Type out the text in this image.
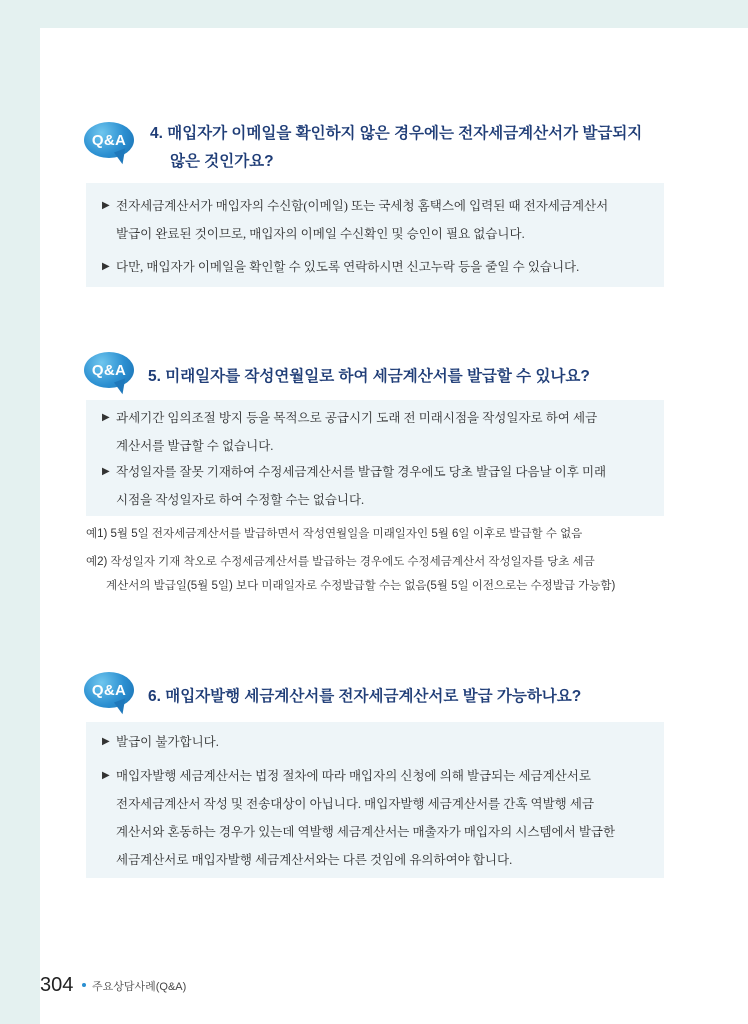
Q&A	4. 매입자가 이메일을 확인하지 않은 경우에는 전자세금계산서가 발급되지
않은 것인가요?
▶ 전자세금계산서가 매입자의 수신함(이메일) 또는 국세청 홈택스에 입력된 때 전자세금계산서
발급이 완료된 것이므로, 매입자의 이메일 수신확인 및 승인이 필요 없습니다.
▶ 다만, 매입자가 이메일을 확인할 수 있도록 연락하시면 신고누락 등을 줄일 수 있습니다.
Q&A	5. 미래일자를 작성연월일로 하여 세금계산서를 발급할 수 있나요?
▶ 과세기간 임의조절 방지 등을 목적으로 공급시기 도래 전 미래시점을 작성일자로 하여 세금
계산서를 발급할 수 없습니다.
▶ 작성일자를 잘못 기재하여 수정세금계산서를 발급할 경우에도 당초 발급일 다음날 이후 미래
시점을 작성일자로 하여 수정할 수는 없습니다.
예1) 5월 5일 전자세금계산서를 발급하면서 작성연월일을 미래일자인 5월 6일 이후로 발급할 수 없음
예2) 작성일자 기재 착오로 수정세금계산서를 발급하는 경우에도 수정세금계산서 작성일자를 당초 세금
계산서의 발급일(5월 5일) 보다 미래일자로 수정발급할 수는 없음(5월 5일 이전으로는 수정발급 가능함)
Q&A	6. 매입자발행 세금계산서를 전자세금계산서로 발급 가능하나요?
▶ 발급이 불가합니다.
▶ 매입자발행 세금계산서는 법정 절차에 따라 매입자의 신청에 의해 발급되는 세금계산서로
전자세금계산서 작성 및 전송대상이 아닙니다. 매입자발행 세금계산서를 간혹 역발행 세금
계산서와 혼동하는 경우가 있는데 역발행 세금계산서는 매출자가 매입자의 시스템에서 발급한
세금계산서로 매입자발행 세금계산서와는 다른 것임에 유의하여야 합니다.
304 주요상담사례(Q&A)
